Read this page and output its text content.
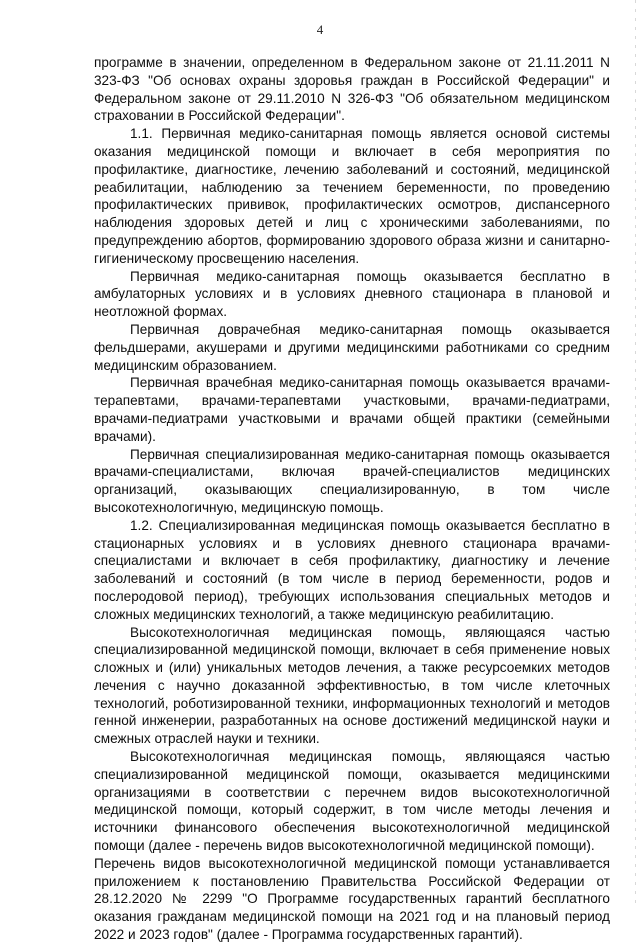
4

программе в значении, определенном в Федеральном законе от 21.11.2011 N 323-ФЗ "Об основах охраны здоровья граждан в Российской Федерации" и Федеральном законе от 29.11.2010 N 326-ФЗ "Об обязательном медицинском страховании в Российской Федерации".

1.1. Первичная медико-санитарная помощь является основой системы оказания медицинской помощи и включает в себя мероприятия по профилактике, диагностике, лечению заболеваний и состояний, медицинской реабилитации, наблюдению за течением беременности, по проведению профилактических прививок, профилактических осмотров, диспансерного наблюдения здоровых детей и лиц с хроническими заболеваниями, по предупреждению абортов, формированию здорового образа жизни и санитарно-гигиеническому просвещению населения.

Первичная медико-санитарная помощь оказывается бесплатно в амбулаторных условиях и в условиях дневного стационара в плановой и неотложной формах.

Первичная доврачебная медико-санитарная помощь оказывается фельдшерами, акушерами и другими медицинскими работниками со средним медицинским образованием.

Первичная врачебная медико-санитарная помощь оказывается врачами-терапевтами, врачами-терапевтами участковыми, врачами-педиатрами, врачами-педиатрами участковыми и врачами общей практики (семейными врачами).

Первичная специализированная медико-санитарная помощь оказывается врачами-специалистами, включая врачей-специалистов медицинских организаций, оказывающих специализированную, в том числе высокотехнологичную, медицинскую помощь.

1.2. Специализированная медицинская помощь оказывается бесплатно в стационарных условиях и в условиях дневного стационара врачами-специалистами и включает в себя профилактику, диагностику и лечение заболеваний и состояний (в том числе в период беременности, родов и послеродовой период), требующих использования специальных методов и сложных медицинских технологий, а также медицинскую реабилитацию.

Высокотехнологичная медицинская помощь, являющаяся частью специализированной медицинской помощи, включает в себя применение новых сложных и (или) уникальных методов лечения, а также ресурсоемких методов лечения с научно доказанной эффективностью, в том числе клеточных технологий, роботизированной техники, информационных технологий и методов генной инженерии, разработанных на основе достижений медицинской науки и смежных отраслей науки и техники.

Высокотехнологичная медицинская помощь, являющаяся частью специализированной медицинской помощи, оказывается медицинскими организациями в соответствии с перечнем видов высокотехнологичной медицинской помощи, который содержит, в том числе методы лечения и источники финансового обеспечения высокотехнологичной медицинской помощи (далее - перечень видов высокотехнологичной медицинской помощи).

Перечень видов высокотехнологичной медицинской помощи устанавливается приложением к постановлению Правительства Российской Федерации от 28.12.2020 № 2299 "О Программе государственных гарантий бесплатного оказания гражданам медицинской помощи на 2021 год и на плановый период 2022 и 2023 годов" (далее - Программа государственных гарантий).
